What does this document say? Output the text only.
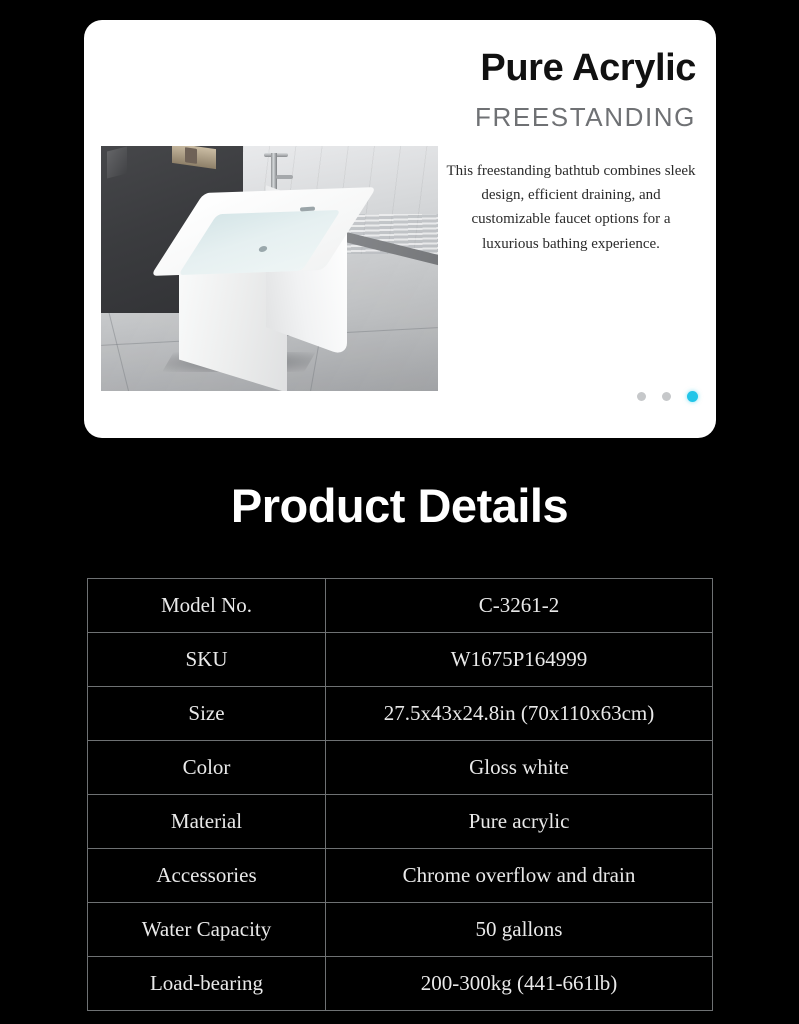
Pure Acrylic
FREESTANDING
This freestanding bathtub combines sleek design, efficient draining, and customizable faucet options for a luxurious bathing experience.
Product Details
Model No.	C-3261-2
SKU	W1675P164999
Size	27.5x43x24.8in (70x110x63cm)
Color	Gloss white
Material	Pure acrylic
Accessories	Chrome overflow and drain
Water Capacity	50 gallons
Load-bearing	200-300kg (441-661lb)
